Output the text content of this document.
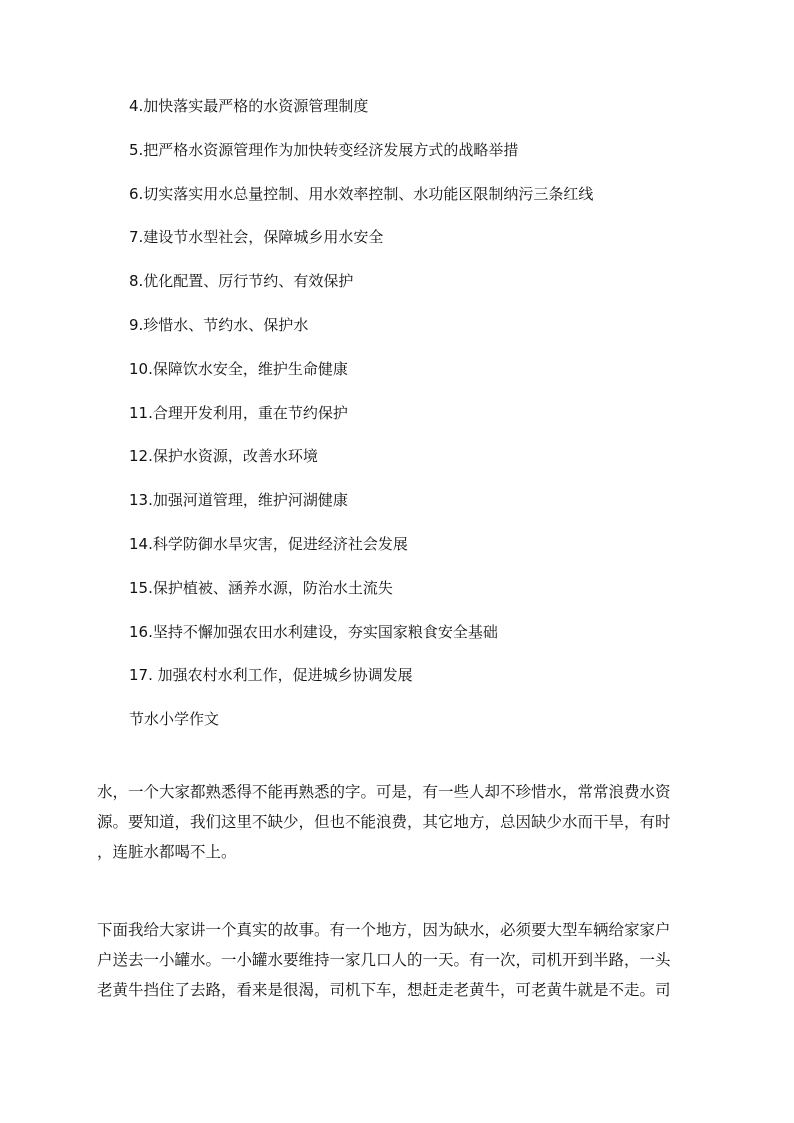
4.加快落实最严格的水资源管理制度
5.把严格水资源管理作为加快转变经济发展方式的战略举措
6.切实落实用水总量控制、用水效率控制、水功能区限制纳污三条红线
7.建设节水型社会，保障城乡用水安全
8.优化配置、厉行节约、有效保护
9.珍惜水、节约水、保护水
10.保障饮水安全，维护生命健康
11.合理开发利用，重在节约保护
12.保护水资源，改善水环境
13.加强河道管理，维护河湖健康
14.科学防御水旱灾害，促进经济社会发展
15.保护植被、涵养水源，防治水土流失
16.坚持不懈加强农田水利建设，夯实国家粮食安全基础
17. 加强农村水利工作，促进城乡协调发展
节水小学作文

水，一个大家都熟悉得不能再熟悉的字。可是，有一些人却不珍惜水，常常浪费水资
源。要知道，我们这里不缺少，但也不能浪费，其它地方，总因缺少水而干旱，有时
，连脏水都喝不上。

下面我给大家讲一个真实的故事。有一个地方，因为缺水，必须要大型车辆给家家户
户送去一小罐水。一小罐水要维持一家几口人的一天。有一次，司机开到半路，一头
老黄牛挡住了去路，看来是很渴，司机下车，想赶走老黄牛，可老黄牛就是不走。司
